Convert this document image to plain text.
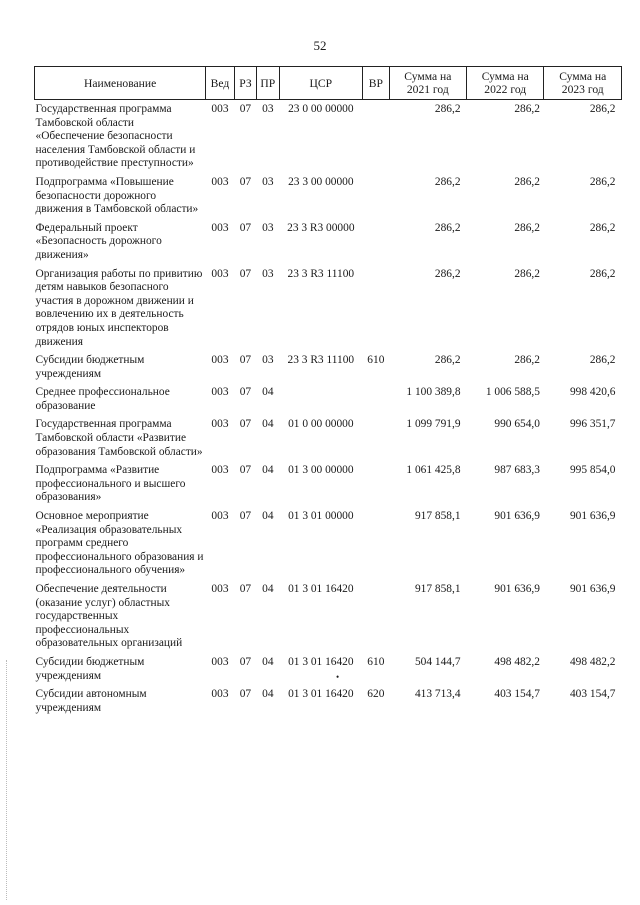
52
Наименование	Вед	РЗ	ПР	ЦСР	ВР	Сумма на 2021 год	Сумма на 2022 год	Сумма на 2023 год
Государственная программа Тамбовской области «Обеспечение безопасности населения Тамбовской области и противодействие преступности»	003	07	03	23 0 00 00000		286,2	286,2	286,2
Подпрограмма «Повышение безопасности дорожного движения в Тамбовской области»	003	07	03	23 3 00 00000		286,2	286,2	286,2
Федеральный проект «Безопасность дорожного движения»	003	07	03	23 3 R3 00000		286,2	286,2	286,2
Организация работы по привитию детям навыков безопасного участия в дорожном движении и вовлечению их в деятельность отрядов юных инспекторов движения	003	07	03	23 3 R3 11100		286,2	286,2	286,2
Субсидии бюджетным учреждениям	003	07	03	23 3 R3 11100	610	286,2	286,2	286,2
Среднее профессиональное образование	003	07	04			1 100 389,8	1 006 588,5	998 420,6
Государственная программа Тамбовской области «Развитие образования Тамбовской области»	003	07	04	01 0 00 00000		1 099 791,9	990 654,0	996 351,7
Подпрограмма «Развитие профессионального и высшего образования»	003	07	04	01 3 00 00000		1 061 425,8	987 683,3	995 854,0
Основное мероприятие «Реализация образовательных программ среднего профессионального образования и профессионального обучения»	003	07	04	01 3 01 00000		917 858,1	901 636,9	901 636,9
Обеспечение деятельности (оказание услуг) областных государственных профессиональных образовательных организаций	003	07	04	01 3 01 16420		917 858,1	901 636,9	901 636,9
Субсидии бюджетным учреждениям	003	07	04	01 3 01 16420	610	504 144,7	498 482,2	498 482,2
Субсидии автономным учреждениям	003	07	04	01 3 01 16420	620	413 713,4	403 154,7	403 154,7
•
